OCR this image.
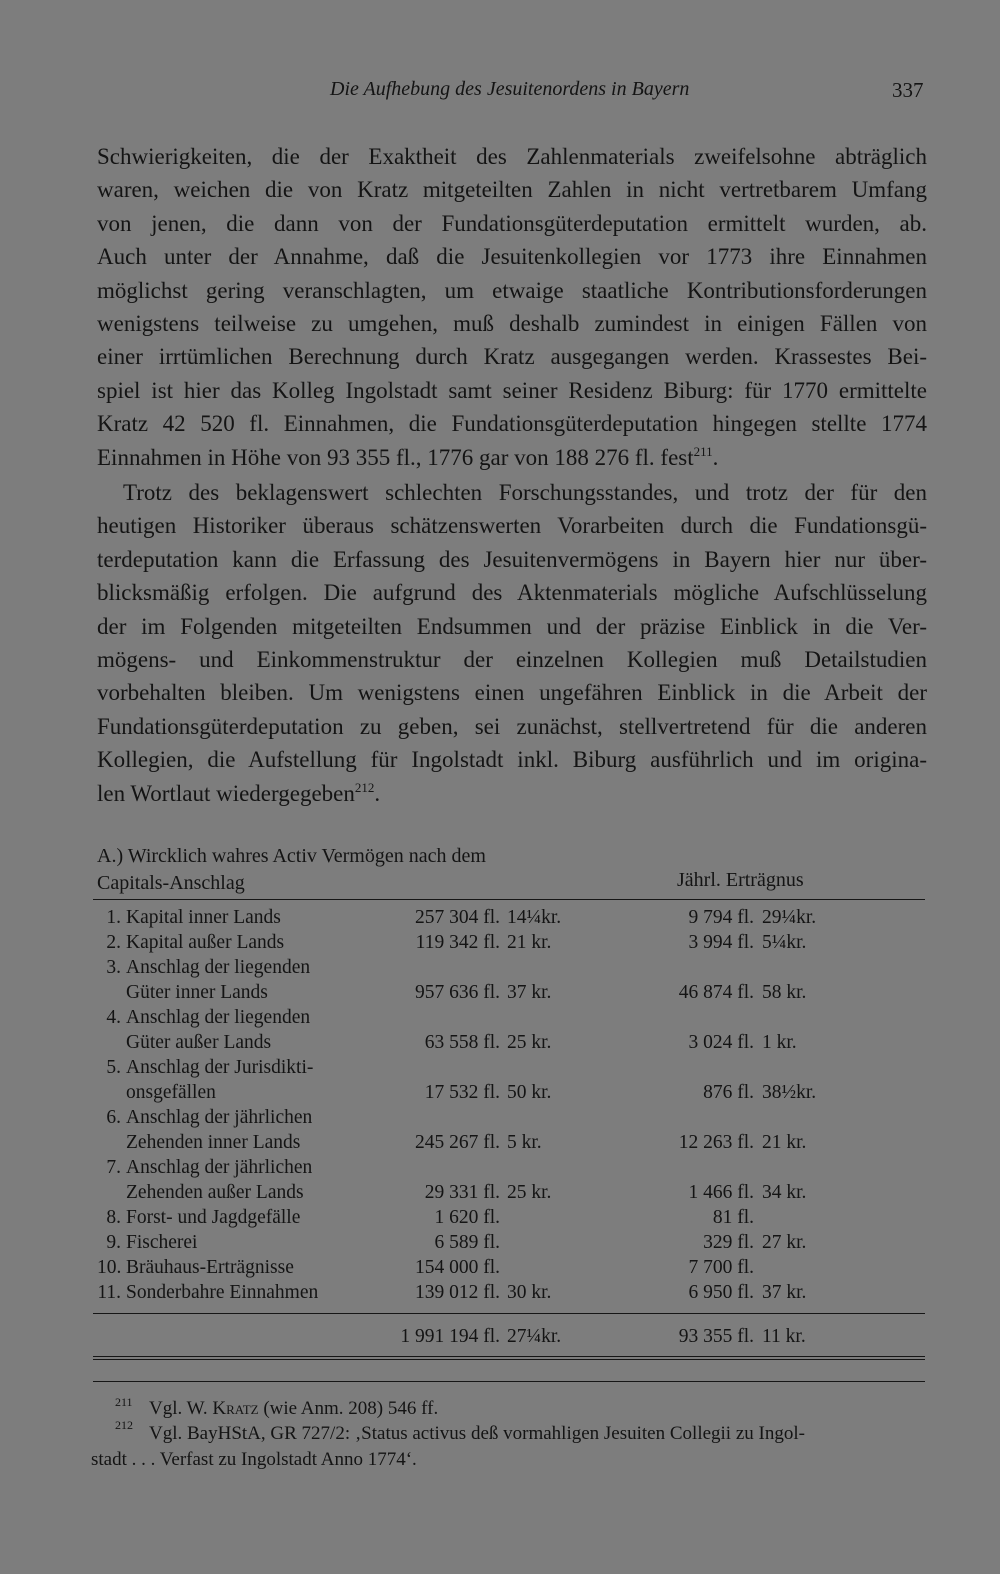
Die Aufhebung des Jesuitenordens in Bayern	337
Schwierigkeiten, die der Exaktheit des Zahlenmaterials zweifelsohne abträglich
waren, weichen die von Kratz mitgeteilten Zahlen in nicht vertretbarem Umfang
von jenen, die dann von der Fundationsgüterdeputation ermittelt wurden, ab.
Auch unter der Annahme, daß die Jesuitenkollegien vor 1773 ihre Einnahmen
möglichst gering veranschlagten, um etwaige staatliche Kontributionsforderungen
wenigstens teilweise zu umgehen, muß deshalb zumindest in einigen Fällen von
einer irrtümlichen Berechnung durch Kratz ausgegangen werden. Krassestes Bei-
spiel ist hier das Kolleg Ingolstadt samt seiner Residenz Biburg: für 1770 ermittelte
Kratz 42 520 fl. Einnahmen, die Fundationsgüterdeputation hingegen stellte 1774
Einnahmen in Höhe von 93 355 fl., 1776 gar von 188 276 fl. fest$^{211}$.
Trotz des beklagenswert schlechten Forschungsstandes, und trotz der für den
heutigen Historiker überaus schätzenswerten Vorarbeiten durch die Fundationsgü-
terdeputation kann die Erfassung des Jesuitenvermögens in Bayern hier nur über-
blicksmäßig erfolgen. Die aufgrund des Aktenmaterials mögliche Aufschlüsselung
der im Folgenden mitgeteilten Endsummen und der präzise Einblick in die Ver-
mögens- und Einkommenstruktur der einzelnen Kollegien muß Detailstudien
vorbehalten bleiben. Um wenigstens einen ungefähren Einblick in die Arbeit der
Fundationsgüterdeputation zu geben, sei zunächst, stellvertretend für die anderen
Kollegien, die Aufstellung für Ingolstadt inkl. Biburg ausführlich und im origina-
len Wortlaut wiedergegeben$^{212}$.
A.) Wircklich wahres Activ Vermögen nach dem
Capitals-Anschlag	Jährl. Erträgnus
1. Kapital inner Lands	257 304 fl. 14¼kr.	9 794 fl. 29¼kr.
2. Kapital außer Lands	119 342 fl. 21 kr.	3 994 fl. 5¼kr.
3. Anschlag der liegenden
Güter inner Lands	957 636 fl. 37 kr.	46 874 fl. 58 kr.
4. Anschlag der liegenden
Güter außer Lands	63 558 fl. 25 kr.	3 024 fl. 1 kr.
5. Anschlag der Jurisdikti-
onsgefällen	17 532 fl. 50 kr.	876 fl. 38½kr.
6. Anschlag der jährlichen
Zehenden inner Lands	245 267 fl. 5 kr.	12 263 fl. 21 kr.
7. Anschlag der jährlichen
Zehenden außer Lands	29 331 fl. 25 kr.	1 466 fl. 34 kr.
8. Forst- und Jagdgefälle	1 620 fl.	81 fl.
9. Fischerei	6 589 fl.	329 fl. 27 kr.
10. Bräuhaus-Erträgnisse	154 000 fl.	7 700 fl.
11. Sonderbahre Einnahmen	139 012 fl. 30 kr.	6 950 fl. 37 kr.
1 991 194 fl. 27¼kr.	93 355 fl. 11 kr.
211 Vgl. W. Kratz (wie Anm. 208) 546 ff.
212 Vgl. BayHStA, GR 727/2: ‚Status activus deß vormahligen Jesuiten Collegii zu Ingol-
stadt . . . Verfast zu Ingolstadt Anno 1774‘.
